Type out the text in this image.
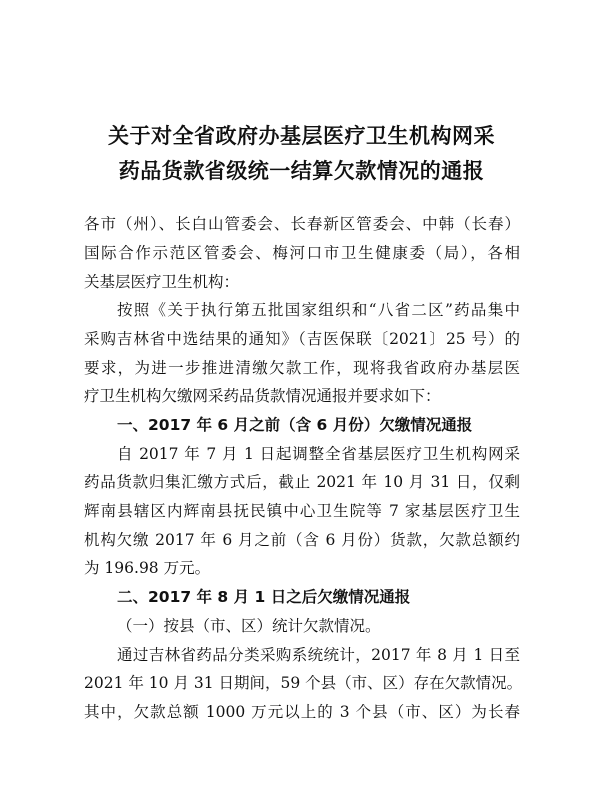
关于对全省政府办基层医疗卫生机构网采
药品货款省级统一结算欠款情况的通报
各市（州）、长白山管委会、长春新区管委会、中韩（长春）
国际合作示范区管委会、梅河口市卫生健康委（局），各相
关基层医疗卫生机构：
按照《关于执行第五批国家组织和“八省二区”药品集中
采购吉林省中选结果的通知》（吉医保联〔2021〕25 号）的
要求，为进一步推进清缴欠款工作，现将我省政府办基层医
疗卫生机构欠缴网采药品货款情况通报并要求如下：
一、2017 年 6 月之前（含 6 月份）欠缴情况通报
自 2017 年 7 月 1 日起调整全省基层医疗卫生机构网采
药品货款归集汇缴方式后，截止 2021 年 10 月 31 日，仅剩
辉南县辖区内辉南县抚民镇中心卫生院等 7 家基层医疗卫生
机构欠缴 2017 年 6 月之前（含 6 月份）货款，欠款总额约
为 196.98 万元。
二、2017 年 8 月 1 日之后欠缴情况通报
（一）按县（市、区）统计欠款情况。
通过吉林省药品分类采购系统统计，2017 年 8 月 1 日至
2021 年 10 月 31 日期间，59 个县（市、区）存在欠款情况。
其中，欠款总额 1000 万元以上的 3 个县（市、区）为长春
